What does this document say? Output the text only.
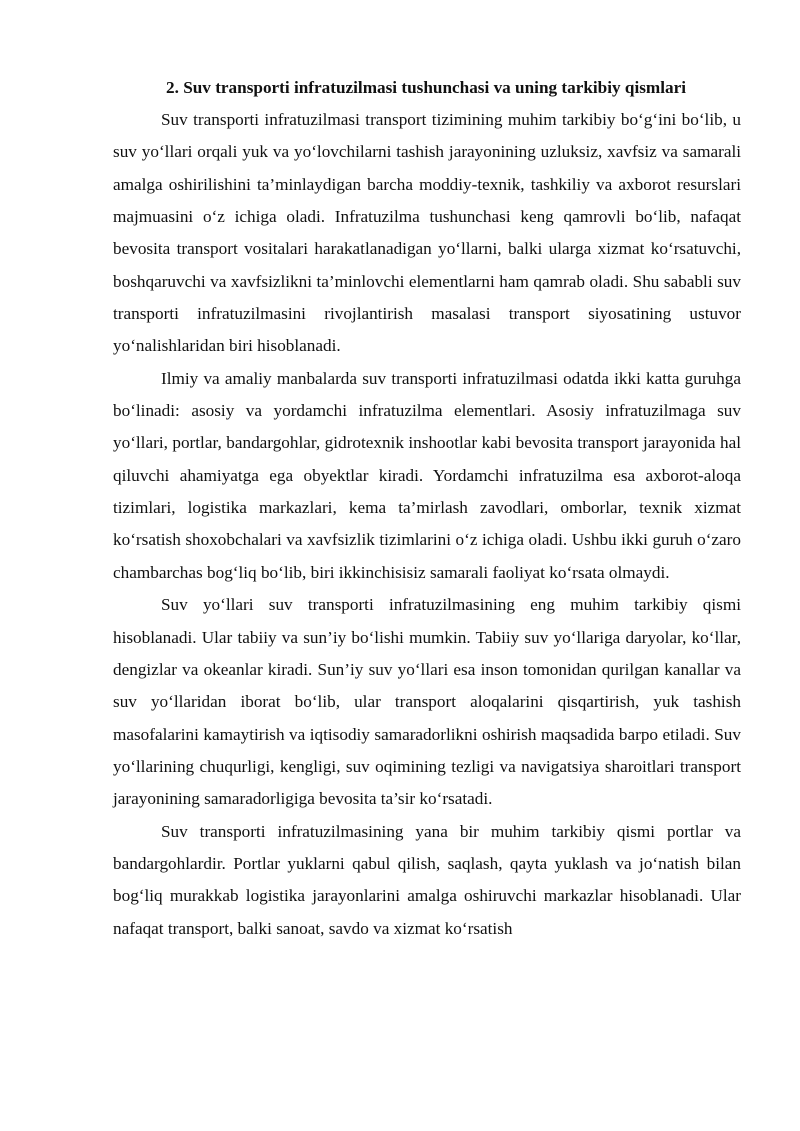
2. Suv transporti infratuzilmasi tushunchasi va uning tarkibiy qismlari

Suv transporti infratuzilmasi transport tizimining muhim tarkibiy bo‘g‘ini bo‘lib, u suv yo‘llari orqali yuk va yo‘lovchilarni tashish jarayonining uzluksiz, xavfsiz va samarali amalga oshirilishini ta’minlaydigan barcha moddiy-texnik, tashkiliy va axborot resurslari majmuasini o‘z ichiga oladi. Infratuzilma tushunchasi keng qamrovli bo‘lib, nafaqat bevosita transport vositalari harakatlanadigan yo‘llarni, balki ularga xizmat ko‘rsatuvchi, boshqaruvchi va xavfsizlikni ta’minlovchi elementlarni ham qamrab oladi. Shu sababli suv transporti infratuzilmasini rivojlantirish masalasi transport siyosatining ustuvor yo‘nalishlaridan biri hisoblanadi.

Ilmiy va amaliy manbalarda suv transporti infratuzilmasi odatda ikki katta guruhga bo‘linadi: asosiy va yordamchi infratuzilma elementlari. Asosiy infratuzilmaga suv yo‘llari, portlar, bandargohlar, gidrotexnik inshootlar kabi bevosita transport jarayonida hal qiluvchi ahamiyatga ega obyektlar kiradi. Yordamchi infratuzilma esa axborot-aloqa tizimlari, logistika markazlari, kema ta’mirlash zavodlari, omborlar, texnik xizmat ko‘rsatish shoxobchalari va xavfsizlik tizimlarini o‘z ichiga oladi. Ushbu ikki guruh o‘zaro chambarchas bog‘liq bo‘lib, biri ikkinchisisiz samarali faoliyat ko‘rsata olmaydi.

Suv yo‘llari suv transporti infratuzilmasining eng muhim tarkibiy qismi hisoblanadi. Ular tabiiy va sun’iy bo‘lishi mumkin. Tabiiy suv yo‘llariga daryolar, ko‘llar, dengizlar va okeanlar kiradi. Sun’iy suv yo‘llari esa inson tomonidan qurilgan kanallar va suv yo‘llaridan iborat bo‘lib, ular transport aloqalarini qisqartirish, yuk tashish masofalarini kamaytirish va iqtisodiy samaradorlikni oshirish maqsadida barpo etiladi. Suv yo‘llarining chuqurligi, kengligi, suv oqimining tezligi va navigatsiya sharoitlari transport jarayonining samaradorligiga bevosita ta’sir ko‘rsatadi.

Suv transporti infratuzilmasining yana bir muhim tarkibiy qismi portlar va bandargohlardir. Portlar yuklarni qabul qilish, saqlash, qayta yuklash va jo‘natish bilan bog‘liq murakkab logistika jarayonlarini amalga oshiruvchi markazlar hisoblanadi. Ular nafaqat transport, balki sanoat, savdo va xizmat ko‘rsatish
